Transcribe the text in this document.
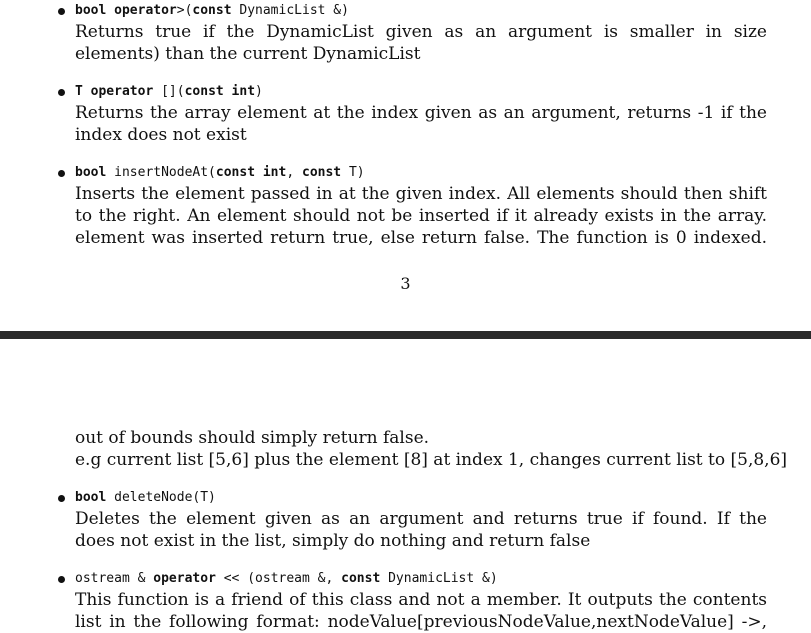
bool operator>(const DynamicList &)
Returns true if the DynamicList given as an argument is smaller in size
elements) than the current DynamicList
T operator [](const int)
Returns the array element at the index given as an argument, returns -1 if the
index does not exist
bool insertNodeAt(const int, const T)
Inserts the element passed in at the given index. All elements should then shift
to the right. An element should not be inserted if it already exists in the array.
element was inserted return true, else return false. The function is 0 indexed.
3
out of bounds should simply return false.
e.g current list [5,6] plus the element [8] at index 1, changes current list to [5,8,6]
bool deleteNode(T)
Deletes the element given as an argument and returns true if found. If the
does not exist in the list, simply do nothing and return false
ostream & operator << (ostream &, const DynamicList &)
This function is a friend of this class and not a member. It outputs the contents
list in the following format: nodeValue[previousNodeValue,nextNodeValue] ->,
